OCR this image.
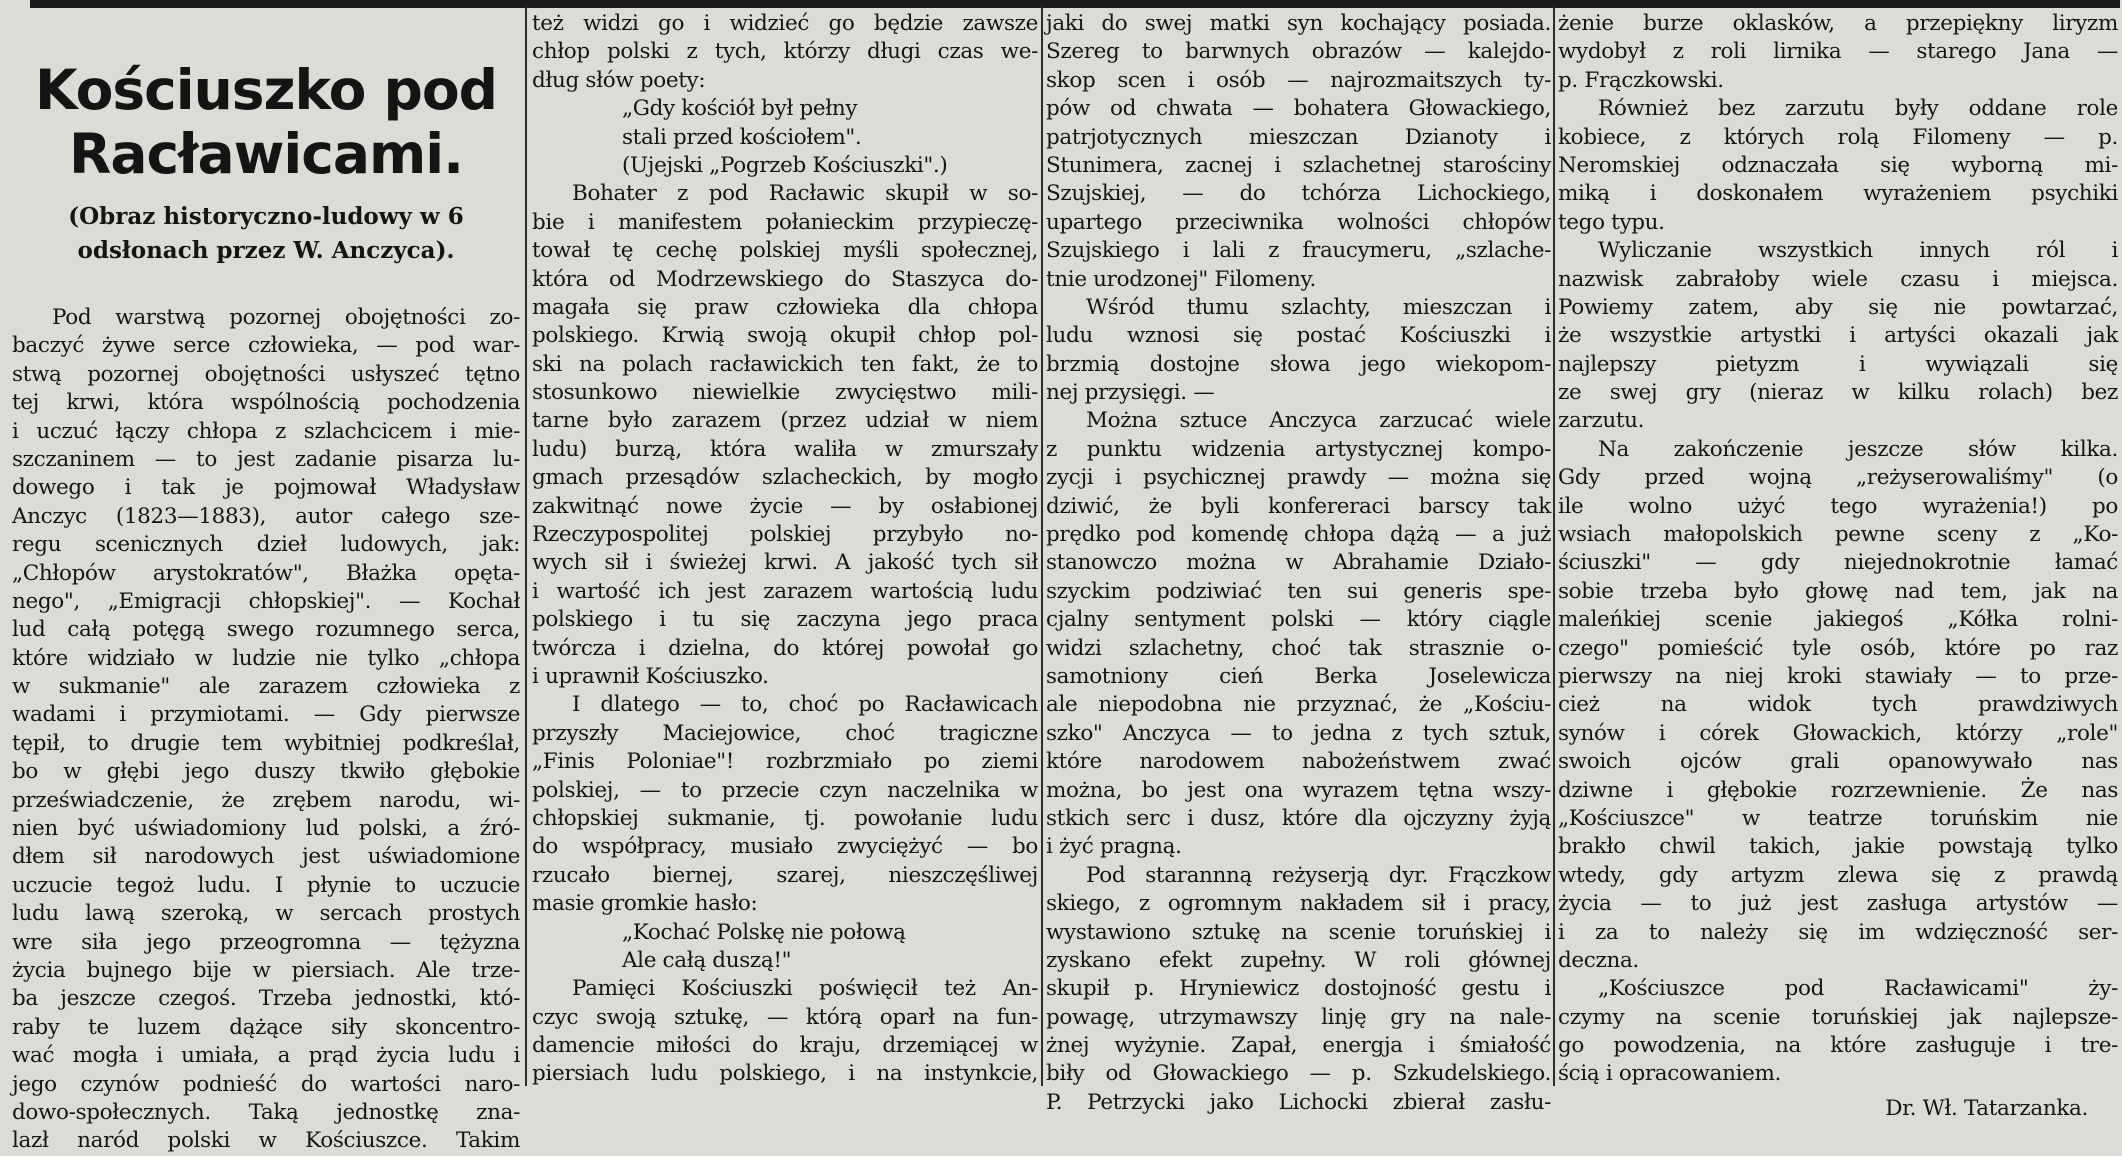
Kościuszko pod Racławicami.
(Obraz historyczno-ludowy w 6 odsłonach przez W. Anczyca).
Pod warstwą pozornej obojętności zo-
baczyć żywe serce człowieka, — pod war-
stwą pozornej obojętności usłyszeć tętno
tej krwi, która wspólnością pochodzenia
i uczuć łączy chłopa z szlachcicem i mie-
szczaninem — to jest zadanie pisarza lu-
dowego i tak je pojmował Władysław
Anczyc (1823—1883), autor całego sze-
regu scenicznych dzieł ludowych, jak:
„Chłopów arystokratów", Błażka opęta-
nego", „Emigracji chłopskiej". — Kochał
lud całą potęgą swego rozumnego serca,
które widziało w ludzie nie tylko „chłopa
w sukmanie" ale zarazem człowieka z
wadami i przymiotami. — Gdy pierwsze
tępił, to drugie tem wybitniej podkreślał,
bo w głębi jego duszy tkwiło głębokie
przeświadczenie, że zrębem narodu, wi-
nien być uświadomiony lud polski, a źró-
dłem sił narodowych jest uświadomione
uczucie tegoż ludu. I płynie to uczucie
ludu lawą szeroką, w sercach prostych
wre siła jego przeogromna — tężyzna
życia bujnego bije w piersiach. Ale trze-
ba jeszcze czegoś. Trzeba jednostki, któ-
raby te luzem dążące siły skoncentro-
wać mogła i umiała, a prąd życia ludu i
jego czynów podnieść do wartości naro-
dowo-społecznych. Taką jednostkę zna-
lazł naród polski w Kościuszce. Takim
też widzi go i widzieć go będzie zawsze
chłop polski z tych, którzy długi czas we-
dług słów poety:
„Gdy kościół był pełny
stali przed kościołem".
(Ujejski „Pogrzeb Kościuszki".)
Bohater z pod Racławic skupił w so-
bie i manifestem połanieckim przypieczę-
tował tę cechę polskiej myśli społecznej,
która od Modrzewskiego do Staszyca do-
magała się praw człowieka dla chłopa
polskiego. Krwią swoją okupił chłop pol-
ski na polach racławickich ten fakt, że to
stosunkowo niewielkie zwycięstwo mili-
tarne było zarazem (przez udział w niem
ludu) burzą, która waliła w zmurszały
gmach przesądów szlacheckich, by mogło
zakwitnąć nowe życie — by osłabionej
Rzeczypospolitej polskiej przybyło no-
wych sił i świeżej krwi. A jakość tych sił
i wartość ich jest zarazem wartością ludu
polskiego i tu się zaczyna jego praca
twórcza i dzielna, do której powołał go
i uprawnił Kościuszko.
I dlatego — to, choć po Racławicach
przyszły Maciejowice, choć tragiczne
„Finis Poloniae"! rozbrzmiało po ziemi
polskiej, — to przecie czyn naczelnika w
chłopskiej sukmanie, tj. powołanie ludu
do współpracy, musiało zwyciężyć — bo
rzucało biernej, szarej, nieszczęśliwej
masie gromkie hasło:
„Kochać Polskę nie połową
Ale całą duszą!"
Pamięci Kościuszki poświęcił też An-
czyc swoją sztukę, — którą oparł na fun-
damencie miłości do kraju, drzemiącej w
piersiach ludu polskiego, i na instynkcie,
jaki do swej matki syn kochający posiada.
Szereg to barwnych obrazów — kalejdo-
skop scen i osób — najrozmaitszych ty-
pów od chwata — bohatera Głowackiego,
patrjotycznych mieszczan Dzianoty i
Stunimera, zacnej i szlachetnej starościny
Szujskiej, — do tchórza Lichockiego,
upartego przeciwnika wolności chłopów
Szujskiego i lali z fraucymeru, „szlache-
tnie urodzonej" Filomeny.
Wśród tłumu szlachty, mieszczan i
ludu wznosi się postać Kościuszki i
brzmią dostojne słowa jego wiekopom-
nej przysięgi. —
Można sztuce Anczyca zarzucać wiele
z punktu widzenia artystycznej kompo-
zycji i psychicznej prawdy — można się
dziwić, że byli konfereraci barscy tak
prędko pod komendę chłopa dążą — a już
stanowczo można w Abrahamie Działo-
szyckim podziwiać ten sui generis spe-
cjalny sentyment polski — który ciągle
widzi szlachetny, choć tak strasznie o-
samotniony cień Berka Joselewicza
ale niepodobna nie przyznać, że „Kościu-
szko" Anczyca — to jedna z tych sztuk,
które narodowem nabożeństwem zwać
można, bo jest ona wyrazem tętna wszy-
stkich serc i dusz, które dla ojczyzny żyją
i żyć pragną.
Pod starannną reżyserją dyr. Frączkow
skiego, z ogromnym nakładem sił i pracy,
wystawiono sztukę na scenie toruńskiej i
zyskano efekt zupełny. W roli głównej
skupił p. Hryniewicz dostojność gestu i
powagę, utrzymawszy linję gry na nale-
żnej wyżynie. Zapał, energja i śmiałość
biły od Głowackiego — p. Szkudelskiego.
P. Petrzycki jako Lichocki zbierał zasłu-
żenie burze oklasków, a przepiękny liryzm
wydobył z roli lirnika — starego Jana —
p. Frączkowski.
Również bez zarzutu były oddane role
kobiece, z których rolą Filomeny — p.
Neromskiej odznaczała się wyborną mi-
miką i doskonałem wyrażeniem psychiki
tego typu.
Wyliczanie wszystkich innych ról i
nazwisk zabrałoby wiele czasu i miejsca.
Powiemy zatem, aby się nie powtarzać,
że wszystkie artystki i artyści okazali jak
najlepszy pietyzm i wywiązali się
ze swej gry (nieraz w kilku rolach) bez
zarzutu.
Na zakończenie jeszcze słów kilka.
Gdy przed wojną „reżyserowaliśmy" (o
ile wolno użyć tego wyrażenia!) po
wsiach małopolskich pewne sceny z „Ko-
ściuszki" — gdy niejednokrotnie łamać
sobie trzeba było głowę nad tem, jak na
maleńkiej scenie jakiegoś „Kółka rolni-
czego" pomieścić tyle osób, które po raz
pierwszy na niej kroki stawiały — to prze-
cież na widok tych prawdziwych
synów i córek Głowackich, którzy „role"
swoich ojców grali opanowywało nas
dziwne i głębokie rozrzewnienie. Że nas
„Kościuszce" w teatrze toruńskim nie
brakło chwil takich, jakie powstają tylko
wtedy, gdy artyzm zlewa się z prawdą
życia — to już jest zasługa artystów —
i za to należy się im wdzięczność ser-
deczna.
„Kościuszce pod Racławicami" ży-
czymy na scenie toruńskiej jak najlepsze-
go powodzenia, na które zasługuje i tre-
ścią i opracowaniem.
Dr. Wł. Tatarzanka.
